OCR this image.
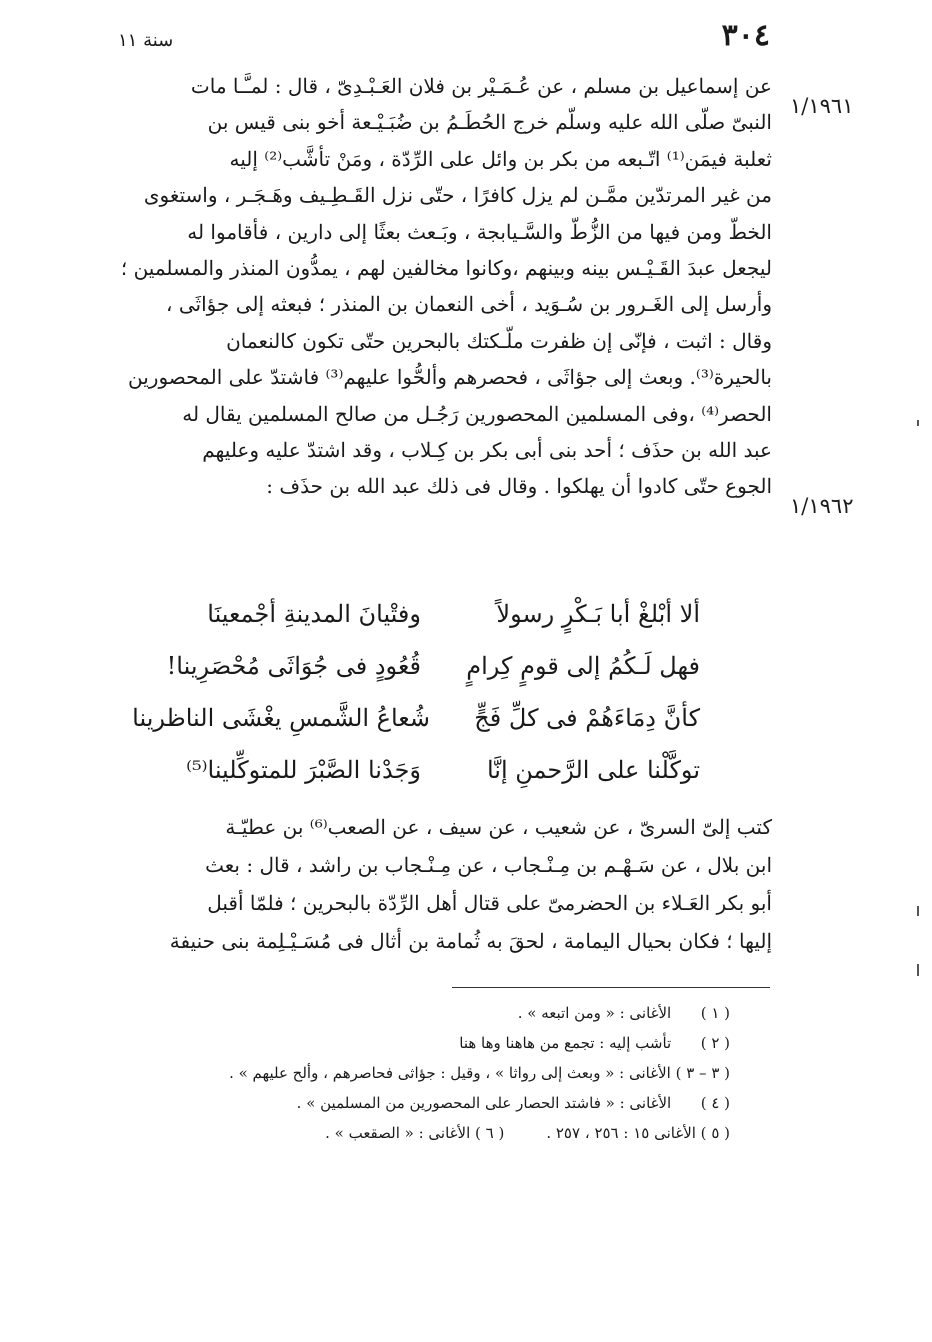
٣٠٤
سنة ١١
١/١٩٦١
١/١٩٦٢
عن إسماعيل بن مسلم ، عن عُـمَـيْر بن فلان العَـبْـدِىّ ، قال : لمـَّـا مات
النبىّ صلّى الله عليه وسلّم خرج الحُطَـمُ بن ضُبَـيْـعة أخو بنى قيس بن
ثعلبة فيمَن⁽¹⁾ اتّـبعه من بكر بن وائل على الرِّدّة ، ومَنْ تأشَّب⁽²⁾ إليه
من غير المرتدّين ممَّـن لم يزل كافرًا ، حتّى نزل القَـطِـيف وهَـجَـر ، واستغوى
الخطّ ومن فيها من الزُّطّ والسَّـيابجة ، وبَـعث بعثًا إلى دارين ، فأقاموا له
ليجعل عبدَ القَـيْـس بينه وبينهم ،وكانوا مخالفين لهم ، يمدُّون المنذر والمسلمين ؛
وأرسل إلى الغَـرور بن سُـوَيد ، أخى النعمان بن المنذر ؛ فبعثه إلى جؤاثَى ،
وقال : اثبت ، فإنّى إن ظفرت ملّـكتك بالبحرين حتّى تكون كالنعمان
بالحيرة⁽³⁾. وبعث إلى جؤاثَى ، فحصرهم وألحُّوا عليهم⁽³⁾ فاشتدّ على المحصورين
الحصر⁽⁴⁾ ،وفى المسلمين المحصورين رَجُـل من صالح المسلمين يقال له
عبد الله بن حذَف ؛ أحد بنى أبى بكر بن كِـلاب ، وقد اشتدّ عليه وعليهم
الجوع حتّى كادوا أن يهلكوا . وقال فى ذلك عبد الله بن حذَف :
ألا أبْلغْ أبا بَـكْرٍ رسولاً
وفتْيانَ المدينةِ أجْمعينَا
فهل لَـكُمُ إلى قومٍ كِرامٍ
قُعُودٍ فى جُوَاثَى مُحْصَرِينا!
كأنَّ دِمَاءَهُمْ فى كلِّ فَجٍّ
شُعاعُ الشَّمسِ يغْشَى الناظرينا
توكَّلْنا على الرَّحمنِ إنَّا
وَجَدْنا الصَّبْرَ للمتوكِّلينا⁽⁵⁾
كتب إلىّ السرىّ ، عن شعيب ، عن سيف ، عن الصعب⁽⁶⁾ بن عطيّـة
ابن بلال ، عن سَـهْـم بن مِـنْـجاب ، عن مِـنْـجاب بن راشد ، قال : بعث
أبو بكر العَـلاء بن الحضرمىّ على قتال أهل الرِّدّة بالبحرين ؛ فلمّا أقبل
إليها ؛ فكان بحيال اليمامة ، لحقَ به ثُمامة بن أثال فى مُسَـيْـلِمة بنى حنيفة
( ١ ) الأغانى : « ومن اتبعه » .
( ٢ ) تأشب إليه : تجمع من هاهنا وها هنا
( ٣ – ٣ ) الأغانى : « وبعث إلى رواثا » ، وقيل : جؤاثى فحاصرهم ، وألح عليهم » .
( ٤ ) الأغانى : « فاشتد الحصار على المحصورين من المسلمين » .
( ٥ ) الأغانى ١٥ : ٢٥٦ ، ٢٥٧ .
( ٦ ) الأغانى : « الصقعب » .
